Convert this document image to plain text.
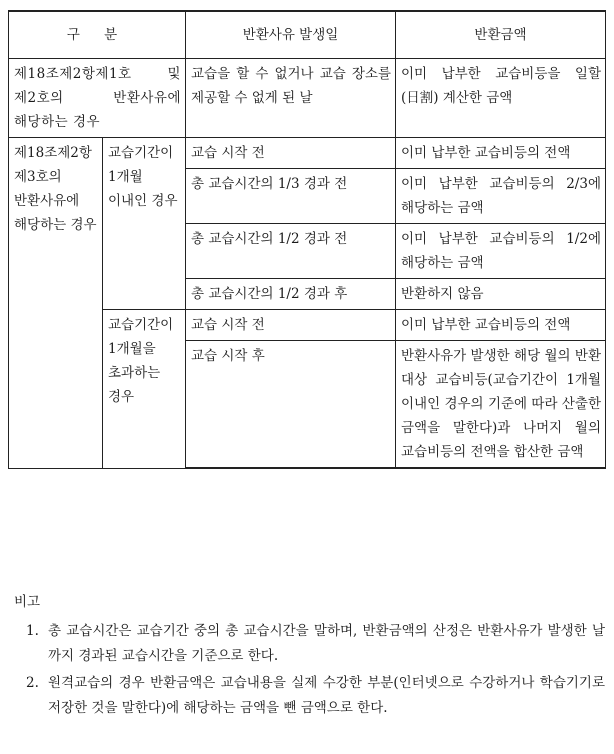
구 분		반환사유 발생일	반환금액
제18조제2항제1호 및 제2호의 반환사유에 해당하는 경우		교습을 할 수 없거나 교습 장소를 제공할 수 없게 된 날	이미 납부한 교습비등을 일할(日割) 계산한 금액
제18조제2항 제3호의 반환사유에 해당하는 경우	교습기간이 1개월 이내인 경우	교습 시작 전	이미 납부한 교습비등의 전액
		총 교습시간의 1/3 경과 전	이미 납부한 교습비등의 2/3에 해당하는 금액
		총 교습시간의 1/2 경과 전	이미 납부한 교습비등의 1/2에 해당하는 금액
		총 교습시간의 1/2 경과 후	반환하지 않음
	교습기간이 1개월을 초과하는 경우	교습 시작 전	이미 납부한 교습비등의 전액
		교습 시작 후	반환사유가 발생한 해당 월의 반환 대상 교습비등(교습기간이 1개월 이내인 경우의 기준에 따라 산출한 금액을 말한다)과 나머지 월의 교습비등의 전액을 합산한 금액
비고
1. 총 교습시간은 교습기간 중의 총 교습시간을 말하며, 반환금액의 산정은 반환사유가 발생한 날까지 경과된 교습시간을 기준으로 한다.
2. 원격교습의 경우 반환금액은 교습내용을 실제 수강한 부분(인터넷으로 수강하거나 학습기기로 저장한 것을 말한다)에 해당하는 금액을 뺀 금액으로 한다.
